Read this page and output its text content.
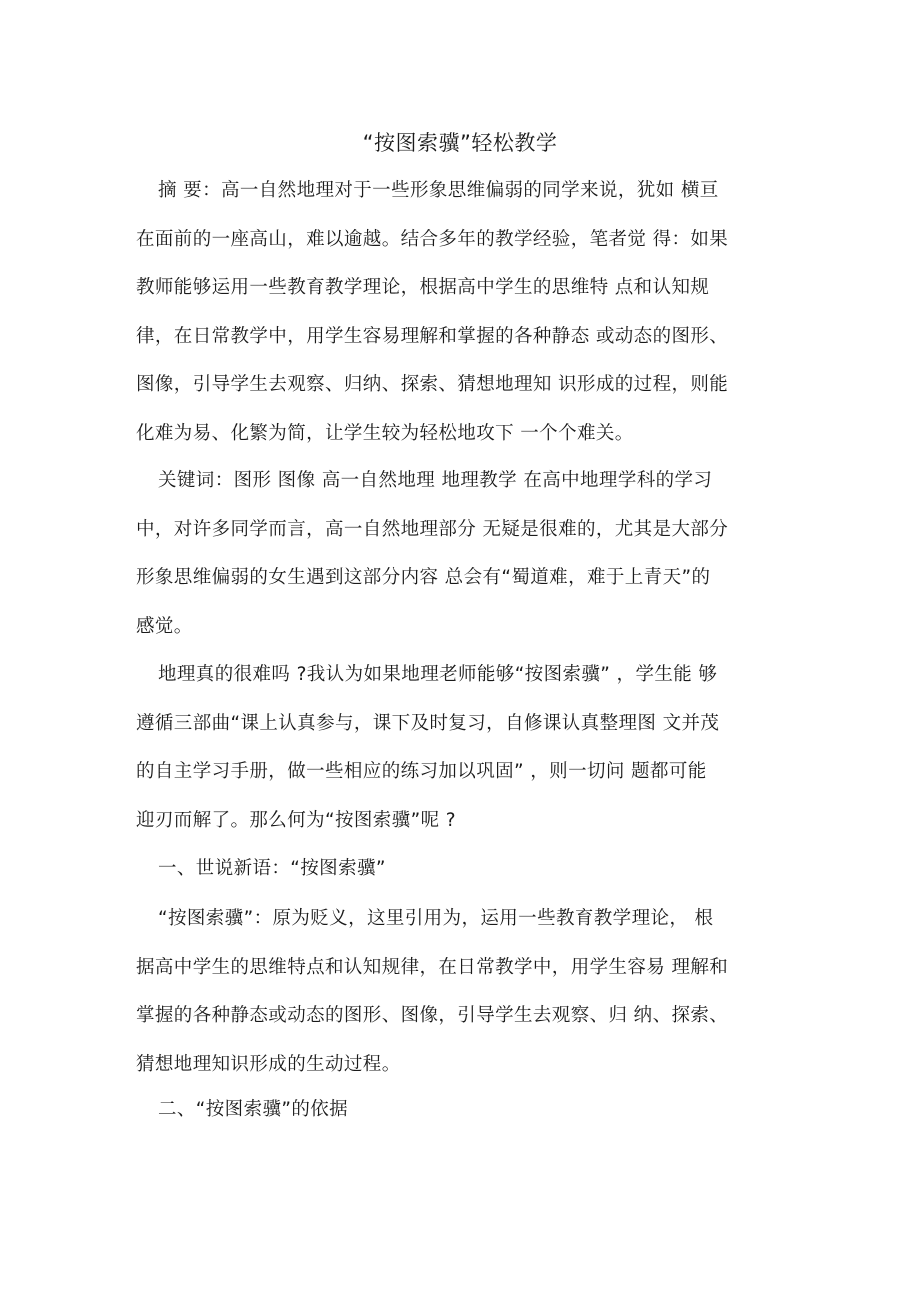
“按图索骥”轻松教学
摘 要：高一自然地理对于一些形象思维偏弱的同学来说，犹如 横亘
在面前的一座高山，难以逾越。结合多年的教学经验，笔者觉 得：如果
教师能够运用一些教育教学理论，根据高中学生的思维特 点和认知规
律，在日常教学中，用学生容易理解和掌握的各种静态 或动态的图形、
图像，引导学生去观察、归纳、探索、猜想地理知 识形成的过程，则能
化难为易、化繁为简，让学生较为轻松地攻下 一个个难关。
关键词：图形 图像 高一自然地理 地理教学 在高中地理学科的学习
中，对许多同学而言，高一自然地理部分 无疑是很难的，尤其是大部分
形象思维偏弱的女生遇到这部分内容 总会有“蜀道难，难于上青天”的
感觉。
地理真的很难吗 ?我认为如果地理老师能够“按图索骥” ，学生能 够
遵循三部曲“课上认真参与，课下及时复习，自修课认真整理图 文并茂
的自主学习手册，做一些相应的练习加以巩固” ，则一切问 题都可能
迎刃而解了。那么何为“按图索骥”呢 ?
一、世说新语：“按图索骥”
“按图索骥”：原为贬义，这里引用为，运用一些教育教学理论， 根
据高中学生的思维特点和认知规律，在日常教学中，用学生容易 理解和
掌握的各种静态或动态的图形、图像，引导学生去观察、归 纳、探索、
猜想地理知识形成的生动过程。
二、“按图索骥”的依据
